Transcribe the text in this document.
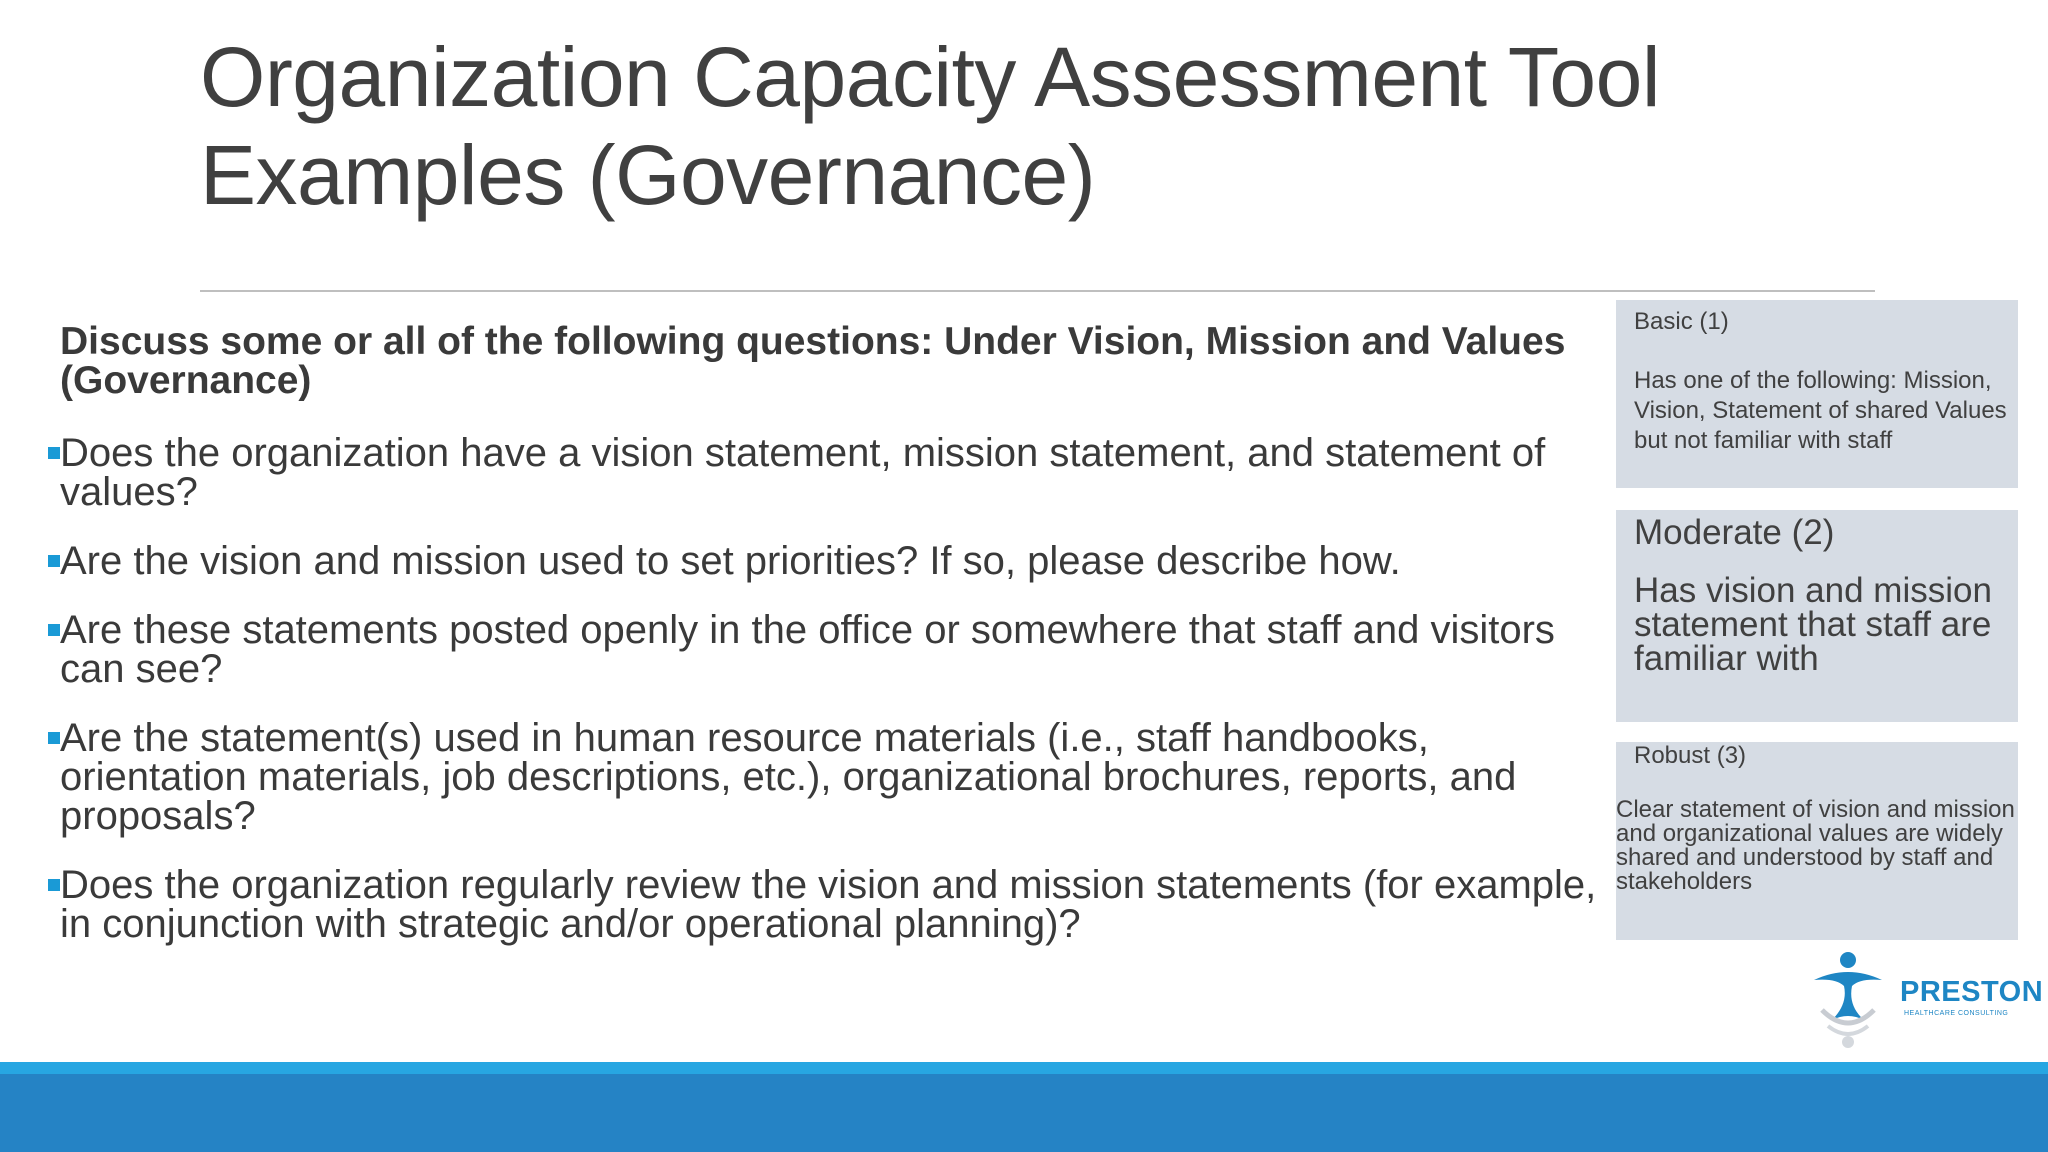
Organization Capacity Assessment Tool
Examples (Governance)

Discuss some or all of the following questions: Under Vision, Mission and Values (Governance)

Does the organization have a vision statement, mission statement, and statement of values?
Are the vision and mission used to set priorities? If so, please describe how.
Are these statements posted openly in the office or somewhere that staff and visitors can see?
Are the statement(s) used in human resource materials (i.e., staff handbooks, orientation materials, job descriptions, etc.), organizational brochures, reports, and proposals?
Does the organization regularly review the vision and mission statements (for example, in conjunction with strategic and/or operational planning)?
Basic (1)
Has one of the following: Mission, Vision, Statement of shared Values but not familiar with staff
Moderate (2)
Has vision and mission statement that staff are familiar with
Robust (3)
Clear statement of vision and mission and organizational values are widely shared and understood by staff and stakeholders
PRESTON
HEALTHCARE CONSULTING
